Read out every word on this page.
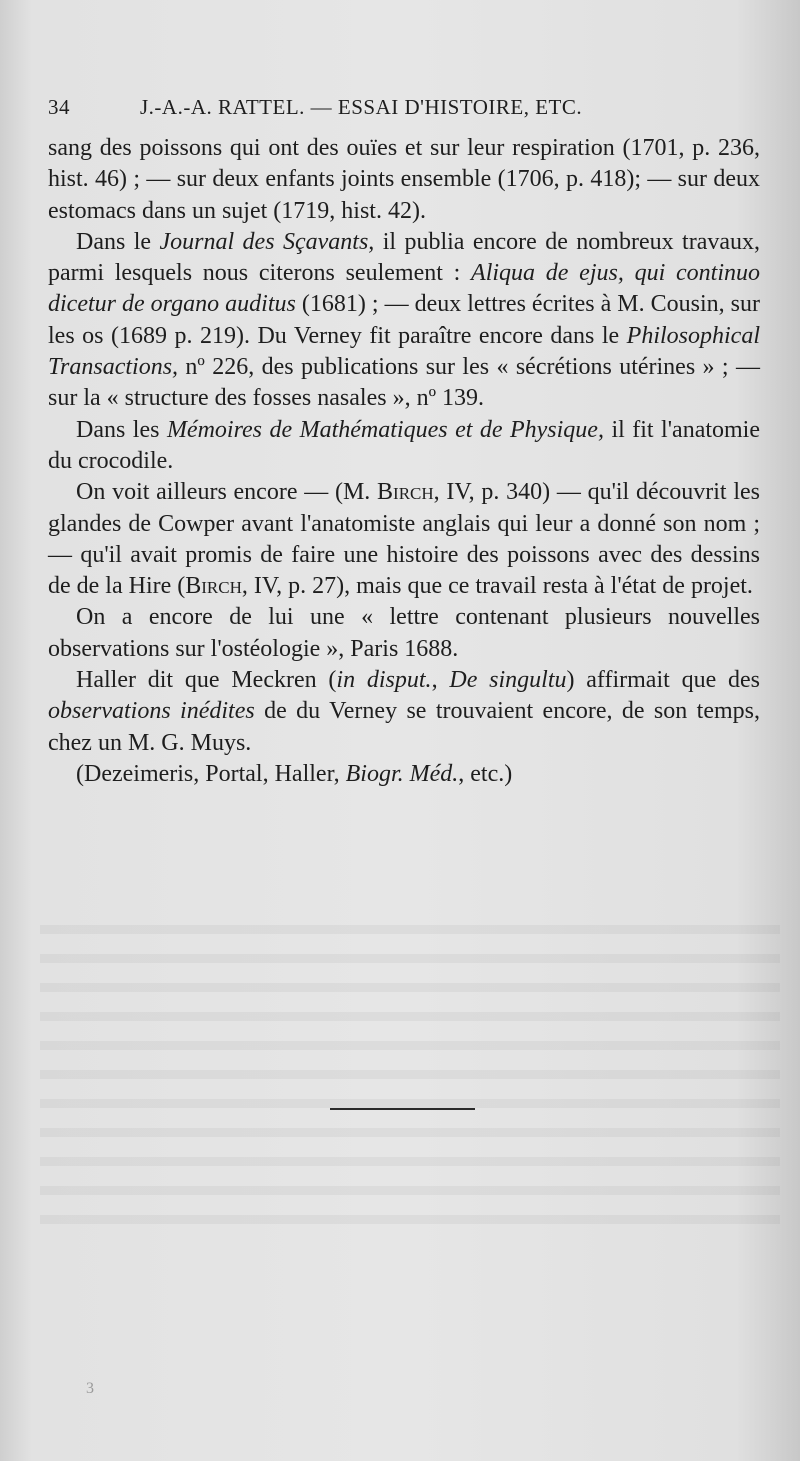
34	J.-A.-A. RATTEL. — ESSAI D'HISTOIRE, ETC.

sang des poissons qui ont des ouïes et sur leur respiration (1701, p. 236, hist. 46) ; — sur deux enfants joints ensemble (1706, p. 418); — sur deux estomacs dans un sujet (1719, hist. 42).

Dans le Journal des Sçavants, il publia encore de nombreux travaux, parmi lesquels nous citerons seulement : Aliqua de ejus, qui continuo dicetur de organo auditus (1681) ; — deux lettres écrites à M. Cousin, sur les os (1689 p. 219). Du Verney fit paraître encore dans le Philosophical Transactions, nº 226, des publications sur les « sécrétions utérines » ; — sur la « structure des fosses nasales », nº 139.

Dans les Mémoires de Mathématiques et de Physique, il fit l'anatomie du crocodile.

On voit ailleurs encore — (M. Birch, IV, p. 340) — qu'il découvrit les glandes de Cowper avant l'anatomiste anglais qui leur a donné son nom ; — qu'il avait promis de faire une histoire des poissons avec des dessins de de la Hire (Birch, IV, p. 27), mais que ce travail resta à l'état de projet.

On a encore de lui une « lettre contenant plusieurs nouvelles observations sur l'ostéologie », Paris 1688.

Haller dit que Meckren (in disput., De singultu) affirmait que des observations inédites de du Verney se trouvaient encore, de son temps, chez un M. G. Muys.

(Dezeimeris, Portal, Haller, Biogr. Méd., etc.)

3
